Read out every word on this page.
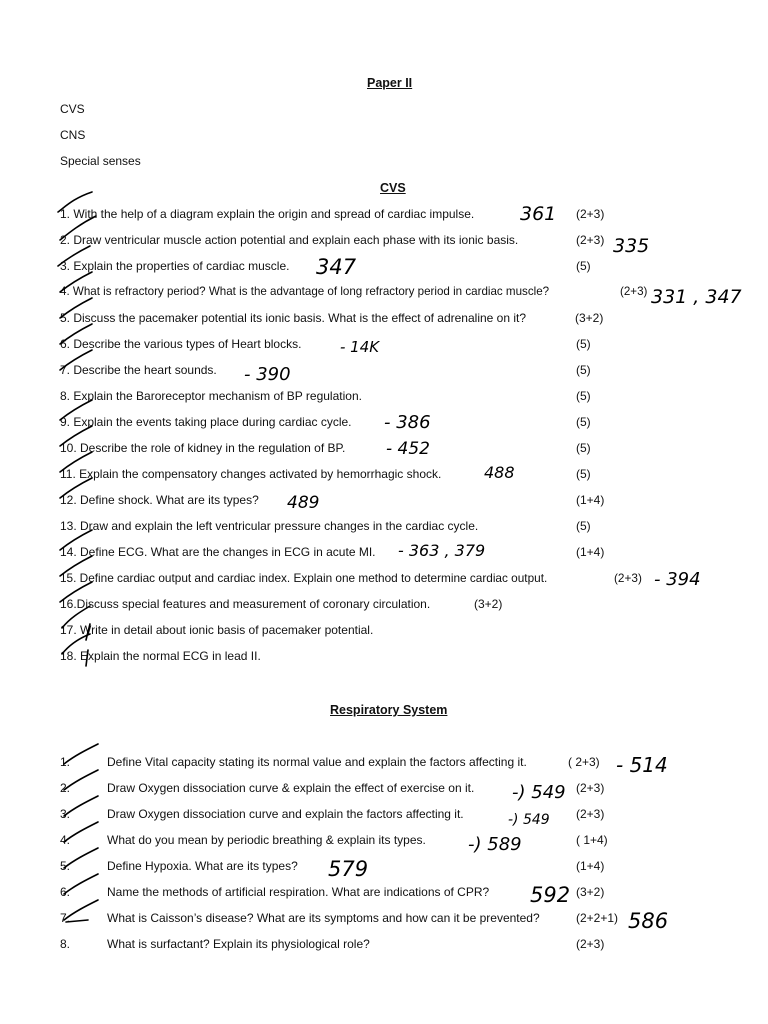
Paper II
CVS
CNS
Special senses
CVS
1. With the help of a diagram explain the origin and spread of cardiac impulse.	(2+3)
2. Draw ventricular muscle action potential and explain each phase with its ionic basis.	(2+3)
3. Explain the properties of cardiac muscle.	(5)
4. What is refractory period? What is the advantage of long refractory period in cardiac muscle?	(2+3)
5. Discuss the pacemaker potential its ionic basis. What is the effect of adrenaline on it?	(3+2)
6. Describe the various types of Heart blocks.	(5)
7. Describe the heart sounds.	(5)
8. Explain the Baroreceptor mechanism of BP regulation.	(5)
9. Explain the events taking place during cardiac cycle.	(5)
10. Describe the role of kidney in the regulation of BP.	(5)
11. Explain the compensatory changes activated by hemorrhagic shock.	(5)
12. Define shock. What are its types?	(1+4)
13. Draw and explain the left ventricular pressure changes in the cardiac cycle.	(5)
14. Define ECG. What are the changes in ECG in acute MI.	(1+4)
15. Define cardiac output and cardiac index. Explain one method to determine cardiac output.	(2+3)
16.Discuss special features and measurement of coronary circulation.	(3+2)
17. Write in detail about ionic basis of pacemaker potential.
18. Explain the normal ECG in lead II.
Respiratory System
1.	Define Vital capacity stating its normal value and explain the factors affecting it.	( 2+3)
2.	Draw Oxygen dissociation curve & explain the effect of exercise on it.	(2+3)
3.	Draw Oxygen dissociation curve and explain the factors affecting it.	(2+3)
4.	What do you mean by periodic breathing & explain its types.	( 1+4)
5.	Define Hypoxia. What are its types?	(1+4)
6.	Name the methods of artificial respiration. What are indications of CPR?	(3+2)
7.	What is Caisson’s disease? What are its symptoms and how can it be prevented?	(2+2+1)
8.	What is surfactant? Explain its physiological role?	(2+3)
361
335
347
331 , 347
- 14K
- 390
- 386
- 452
488
489
- 363 , 379
- 394
- 514
-) 549
-) 549
-) 589
579
592
586
